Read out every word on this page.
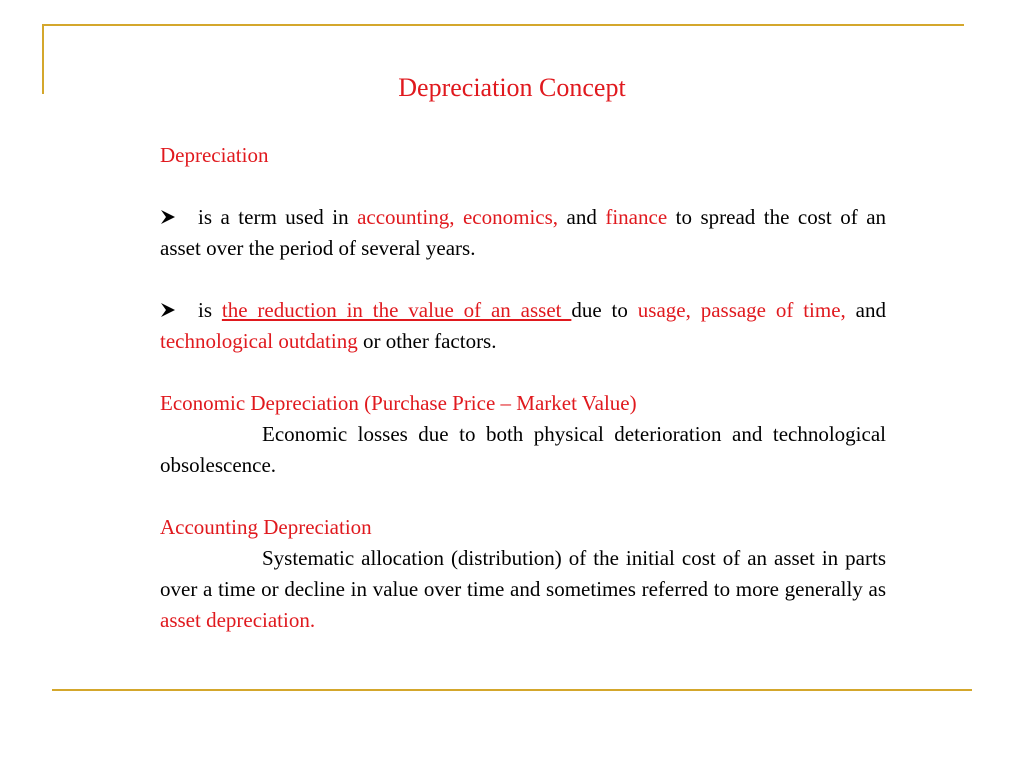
Depreciation Concept

Depreciation

is a term used in accounting, economics, and finance to spread the cost of an asset over the period of several years.

is the reduction in the value of an asset due to usage, passage of time, and technological outdating or other factors.

Economic Depreciation (Purchase Price – Market Value)

Economic losses due to both physical deterioration and technological obsolescence.

Accounting Depreciation

Systematic allocation (distribution) of the initial cost of an asset in parts over a time or decline in value over time and sometimes referred to more generally as asset depreciation.
